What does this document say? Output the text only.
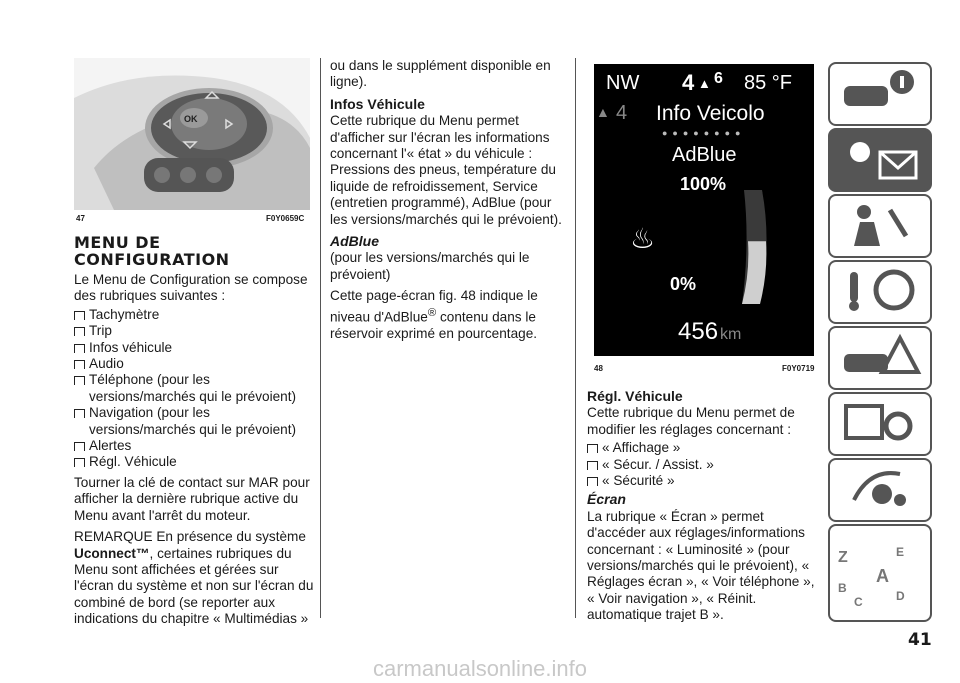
OK
47	F0Y0659C
MENU DE
CONFIGURATION

Le Menu de Configuration se compose des rubriques suivantes :

Tachymètre
Trip
Infos véhicule
Audio
Téléphone (pour les versions/marchés qui le prévoient)
Navigation (pour les versions/marchés qui le prévoient)
Alertes
Régl. Véhicule

Tourner la clé de contact sur MAR pour afficher la dernière rubrique active du Menu avant l'arrêt du moteur.

REMARQUE En présence du système Uconnect™, certaines rubriques du Menu sont affichées et gérées sur l'écran du système et non sur l'écran du combiné de bord (se reporter aux indications du chapitre « Multimédias »

ou dans le supplément disponible en ligne).

Infos Véhicule

Cette rubrique du Menu permet d'afficher sur l'écran les informations concernant l'« état » du véhicule : Pressions des pneus, température du liquide de refroidissement, Service (entretien programmé), AdBlue (pour les versions/marchés qui le prévoient).

AdBlue

(pour les versions/marchés qui le prévoient)

Cette page-écran fig. 48 indique le niveau d'AdBlue® contenu dans le réservoir exprimé en pourcentage.

NW 4 ▲ 6 85 °F
▲ 4 Info Veicolo
●●●●●●●●
AdBlue
100%
0%
♨
456 km
48	F0Y0719
Régl. Véhicule

Cette rubrique du Menu permet de modifier les réglages concernant :

« Affichage »
« Sécur. / Assist. »
« Sécurité »
Écran

La rubrique « Écran » permet d'accéder aux réglages/informations concernant : « Luminosité » (pour versions/marchés qui le prévoient), « Réglages écran », « Voir téléphone », « Voir navigation », « Réinit. automatique trajet B ».

Z	E
B
A
C	D
41
carmanualsonline.info
